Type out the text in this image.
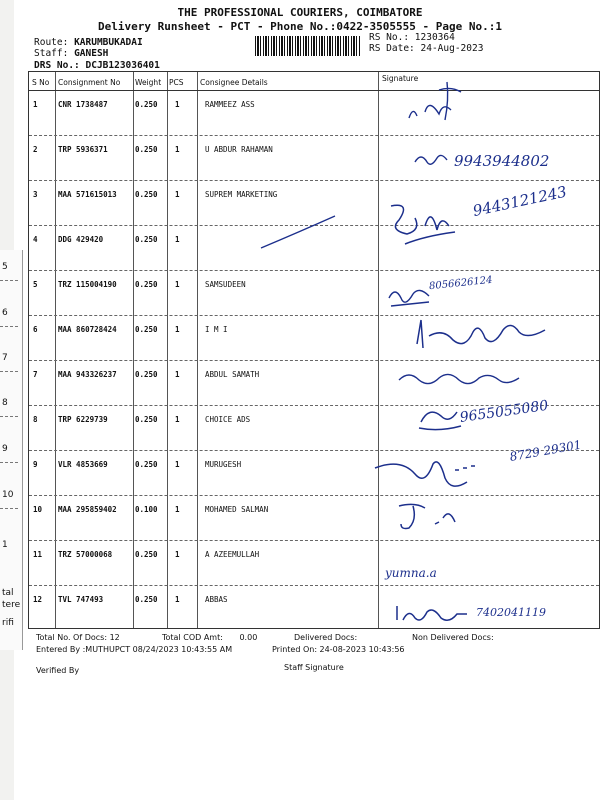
5
6
7
8
9
10
1
tal
tere
rifi
THE PROFESSIONAL COURIERS, COIMBATORE
Delivery Runsheet - PCT - Phone No.:0422-3505555 - Page No.:1
Route: KARUMBUKADAI
Staff: GANESH
DRS No.: DCJB123036401
RS No.: 1230364
RS Date: 24-Aug-2023
S No Consignment No Weight PCS Consignee Details	Signature
1	CNR 1738487	0.250 1	RAMMEEZ ASS
2	TRP 5936371	0.250 1	U ABDUR RAHAMAN
3	MAA 571615013 0.250 1	SUPREM MARKETING
4	DDG 429420	0.250 1
5	TRZ 115004190 0.250 1	SAMSUDEEN
6	MAA 860728424 0.250 1	I M I
7	MAA 943326237 0.250 1	ABDUL SAMATH
8	TRP 6229739	0.250 1	CHOICE ADS
9	VLR 4853669	0.250 1	MURUGESH
10 MAA 295859402 0.100 1	MOHAMED SALMAN
11 TRZ 57000068	0.250 1	A AZEEMULLAH
12 TVL 747493	0.250 1	ABBAS
9943944802
9443121243
8056626124
9655055080
8729 29301
yumna.a
7402041119
Total No. Of Docs: 12	Total COD Amt: 0.00	Delivered Docs:	Non Delivered Docs:
Entered By :MUTHUPCT 08/24/2023 10:43:55 AM	Printed On: 24-08-2023 10:43:56
Verified By	Staff Signature
